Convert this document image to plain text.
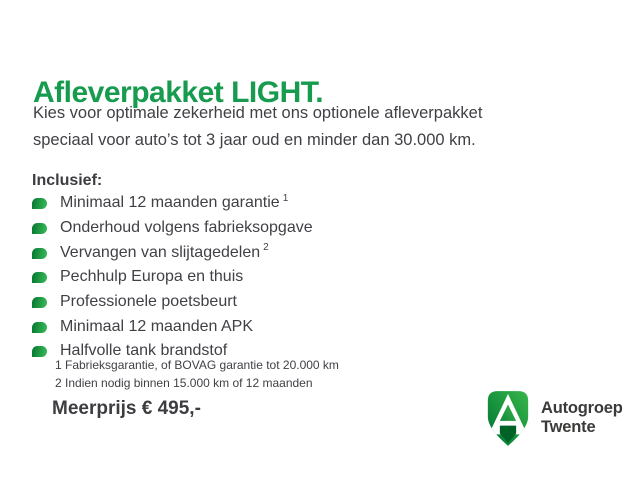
Afleverpakket LIGHT.
Kies voor optimale zekerheid met ons optionele afleverpakket
speciaal voor auto’s tot 3 jaar oud en minder dan 30.000 km.
Inclusief:
Minimaal 12 maanden garantie $^1$
Onderhoud volgens fabrieksopgave
Vervangen van slijtagedelen $^2$
Pechhulp Europa en thuis
Professionele poetsbeurt
Minimaal 12 maanden APK
Halfvolle tank brandstof
1 Fabrieksgarantie, of BOVAG garantie tot 20.000 km
2 Indien nodig binnen 15.000 km of 12 maanden
Meerprijs € 495,-	Autogroep
Twente
